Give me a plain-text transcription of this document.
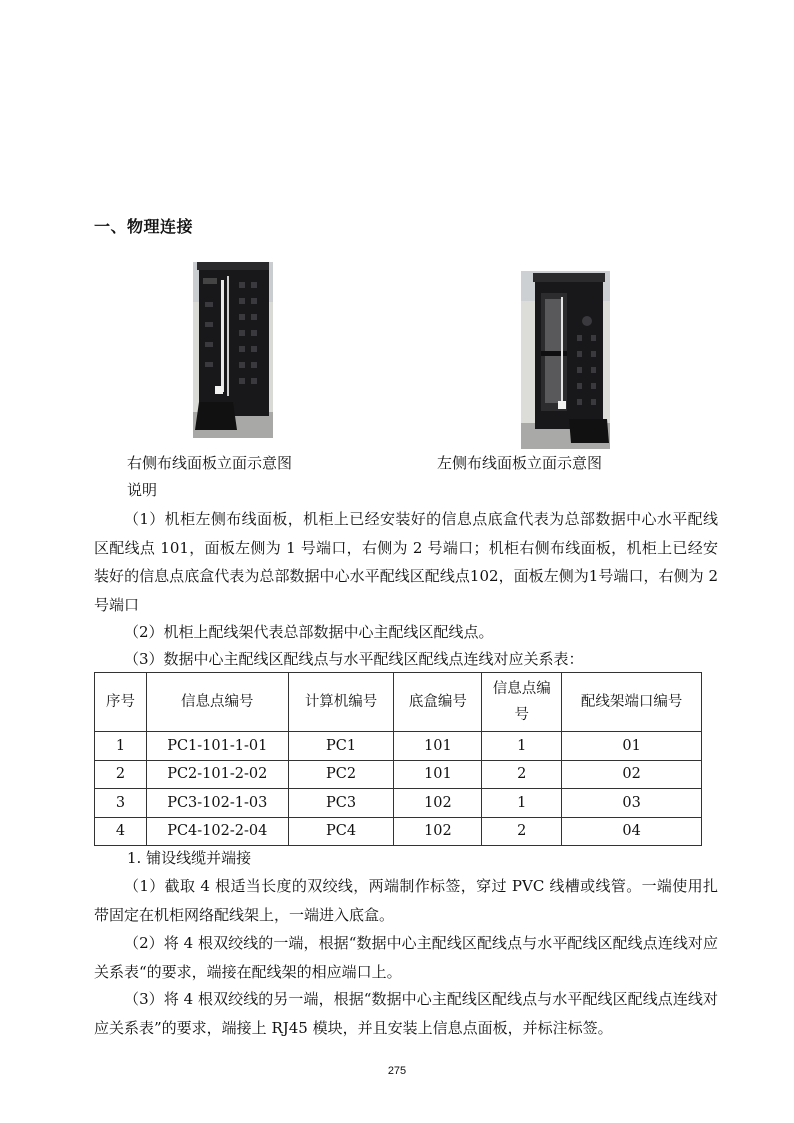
一、物理连接
右侧布线面板立面示意图	左侧布线面板立面示意图
说明
（1）机柜左侧布线面板，机柜上已经安装好的信息点底盒代表为总部数据中心水平配线区配线点 101，面板左侧为 1 号端口，右侧为 2 号端口；机柜右侧布线面板，机柜上已经安装好的信息点底盒代表为总部数据中心水平配线区配线点102，面板左侧为1号端口，右侧为 2 号端口
（2）机柜上配线架代表总部数据中心主配线区配线点。
（3）数据中心主配线区配线点与水平配线区配线点连线对应关系表：
序号	信息点编号	计算机编号	底盒编号	信息点编号	配线架端口编号
1	PC1-101-1-01	PC1	101	1	01
2	PC2-101-2-02	PC2	101	2	02
3	PC3-102-1-03	PC3	102	1	03
4	PC4-102-2-04	PC4	102	2	04
1. 铺设线缆并端接
（1）截取 4 根适当长度的双绞线，两端制作标签，穿过 PVC 线槽或线管。一端使用扎带固定在机柜网络配线架上，一端进入底盒。
（2）将 4 根双绞线的一端，根据“数据中心主配线区配线点与水平配线区配线点连线对应关系表“的要求，端接在配线架的相应端口上。
（3）将 4 根双绞线的另一端，根据“数据中心主配线区配线点与水平配线区配线点连线对应关系表”的要求，端接上 RJ45 模块，并且安装上信息点面板，并标注标签。
275
